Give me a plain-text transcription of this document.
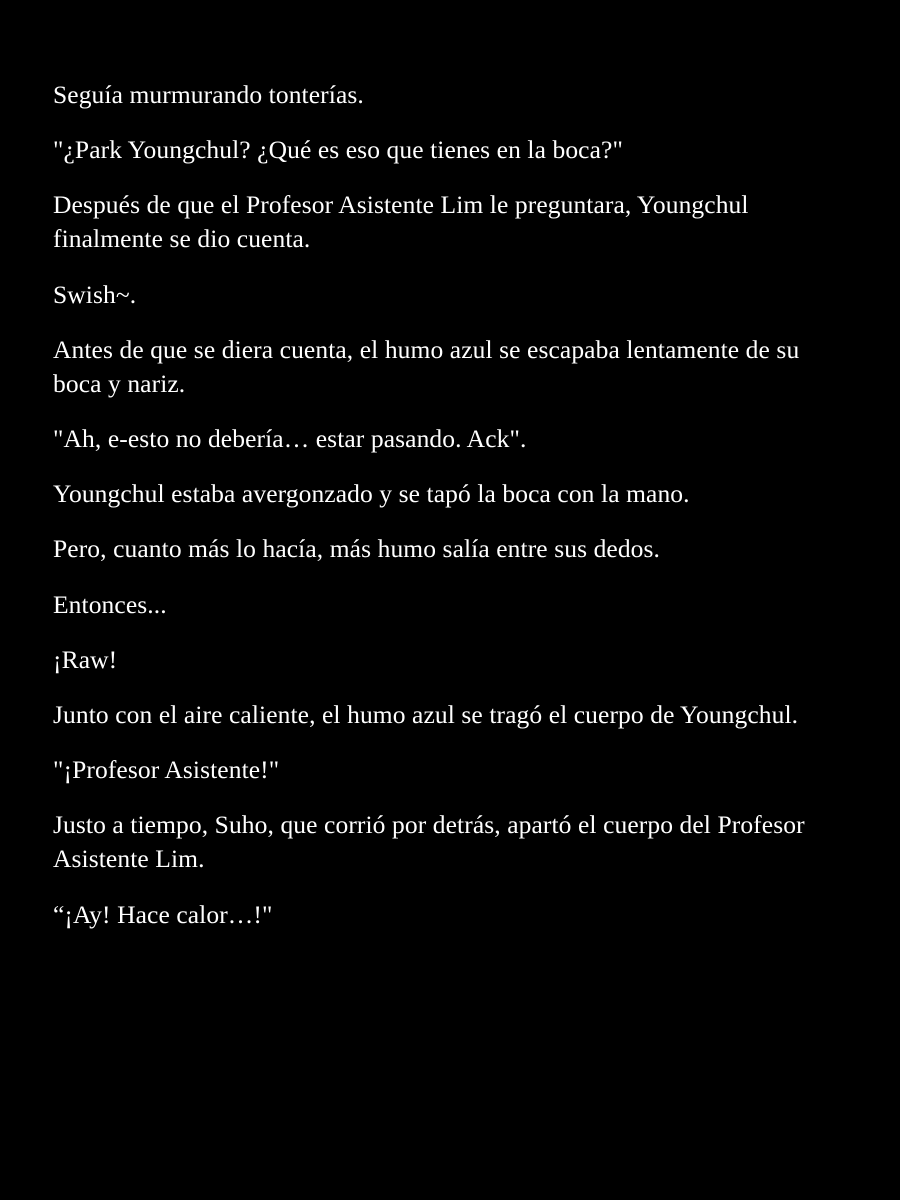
Seguía murmurando tonterías.

"¿Park Youngchul? ¿Qué es eso que tienes en la boca?"

Después de que el Profesor Asistente Lim le preguntara, Youngchul finalmente se dio cuenta.

Swish~.

Antes de que se diera cuenta, el humo azul se escapaba lentamente de su boca y nariz.

"Ah, e-esto no debería… estar pasando. Ack".

Youngchul estaba avergonzado y se tapó la boca con la mano.

Pero, cuanto más lo hacía, más humo salía entre sus dedos.

Entonces...

¡Raw!

Junto con el aire caliente, el humo azul se tragó el cuerpo de Youngchul.

"¡Profesor Asistente!"

Justo a tiempo, Suho, que corrió por detrás, apartó el cuerpo del Profesor Asistente Lim.

“¡Ay! Hace calor…!"
